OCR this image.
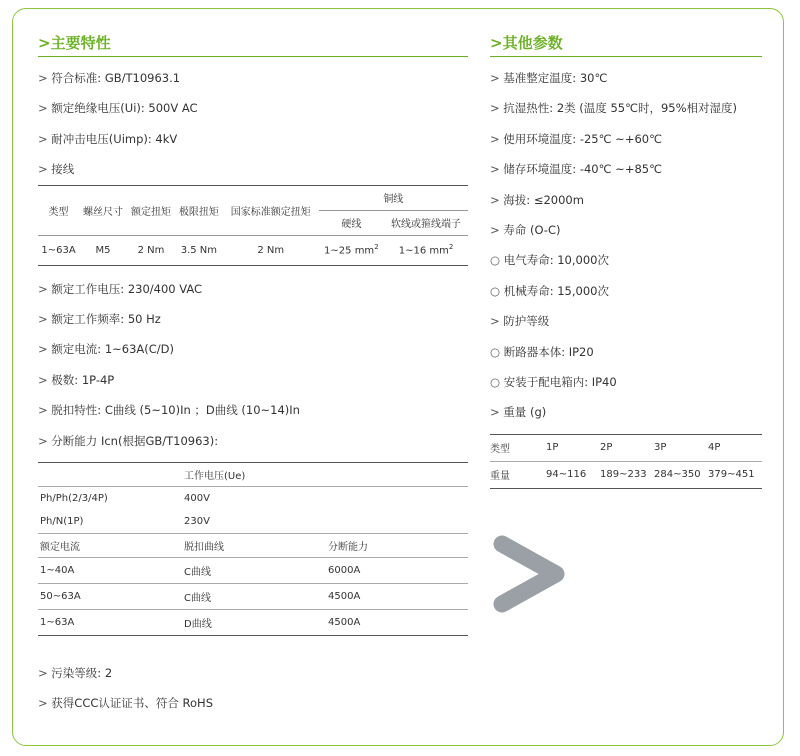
>主要特性
> 符合标准: GB/T10963.1
> 额定绝缘电压(Ui): 500V AC
> 耐冲击电压(Uimp): 4kV
> 接线
类型	螺丝尺寸	额定扭矩	极限扭矩	国家标准额定扭矩	铜线	
					硬线	软线或箍线端子
1~63A	M5	2 Nm	3.5 Nm	2 Nm	1~25 $mm^2$	1~16 $mm^2$
> 额定工作电压: 230/400 VAC
> 额定工作频率: 50 Hz
> 额定电流: 1~63A(C/D)
> 极数: 1P-4P
> 脱扣特性: C曲线 (5~10)In ；D曲线 (10~14)In
> 分断能力 Icn(根据GB/T10963):
	工作电压(Ue)	
Ph/Ph(2/3/4P)	400V	
Ph/N(1P)	230V	
额定电流	脱扣曲线	分断能力
1~40A	C曲线	6000A
50~63A	C曲线	4500A
1~63A	D曲线	4500A
> 污染等级: 2
> 获得CCC认证证书、符合 RoHS
>其他参数
> 基准整定温度: 30℃
> 抗湿热性: 2类 (温度 55℃时，95%相对湿度)
> 使用环境温度: -25℃ ~+60℃
> 储存环境温度: -40℃ ~+85℃
> 海拔: ≤2000m
> 寿命 (O-C)
○ 电气寿命: 10,000次
○ 机械寿命: 15,000次
> 防护等级
○ 断路器本体: IP20
○ 安装于配电箱内: IP40
> 重量 (g)
类型	1P	2P	3P	4P
重量	94~116	189~233	284~350	379~451
